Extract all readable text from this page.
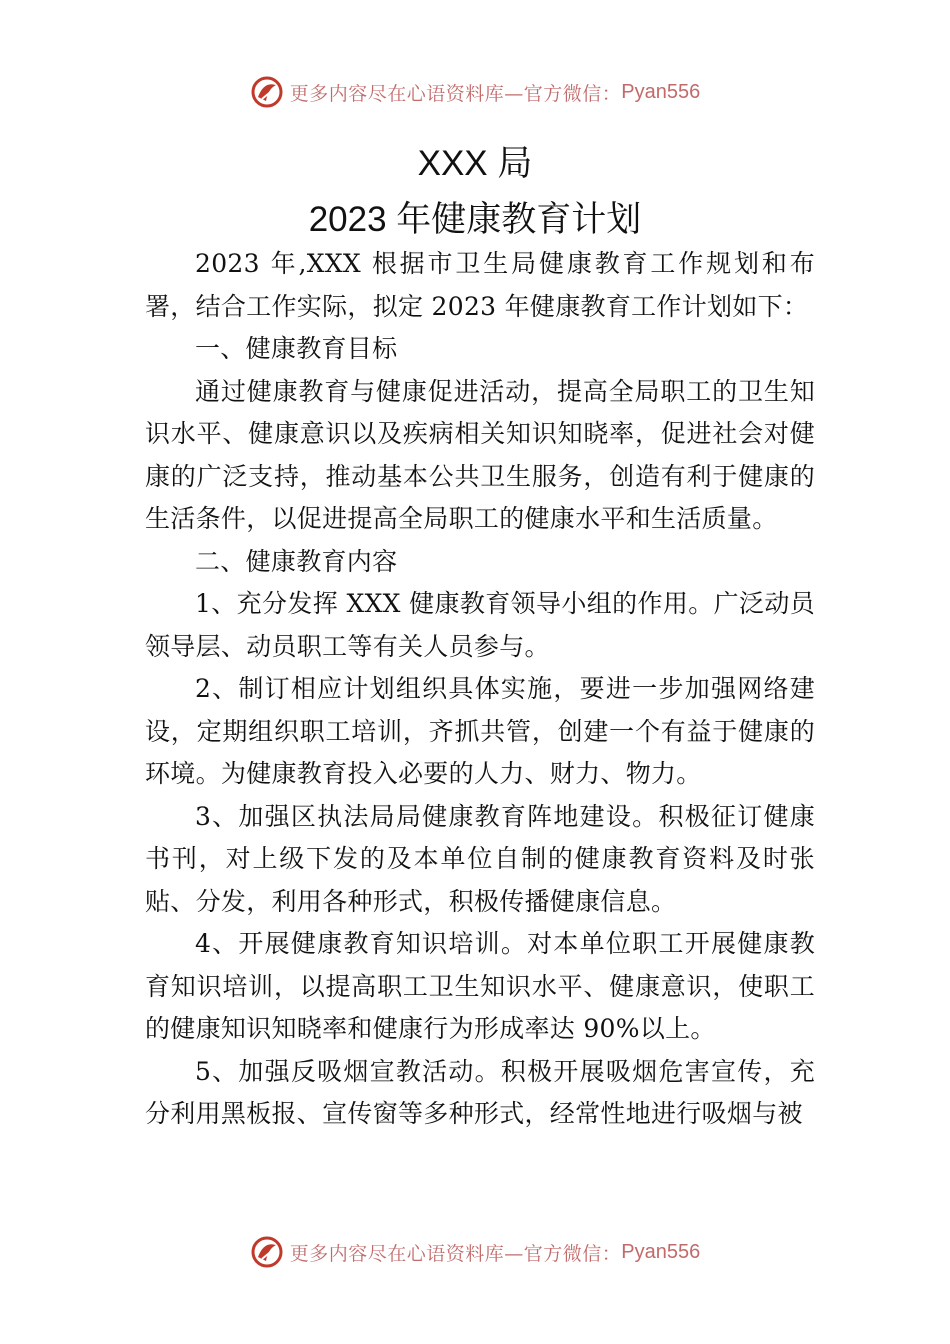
更多内容尽在心语资料库—官方微信： Pyan556
XXX 局
2023 年健康教育计划

2023 年,XXX 根据市卫生局健康教育工作规划和布署，结合工作实际，拟定 2023 年健康教育工作计划如下：

一、健康教育目标

通过健康教育与健康促进活动，提高全局职工的卫生知识水平、健康意识以及疾病相关知识知晓率，促进社会对健康的广泛支持，推动基本公共卫生服务，创造有利于健康的生活条件，以促进提高全局职工的健康水平和生活质量。

二、健康教育内容

1、充分发挥 XXX 健康教育领导小组的作用。广泛动员领导层、动员职工等有关人员参与。

2、制订相应计划组织具体实施，要进一步加强网络建设，定期组织职工培训，齐抓共管，创建一个有益于健康的环境。为健康教育投入必要的人力、财力、物力。

3、加强区执法局局健康教育阵地建设。积极征订健康书刊，对上级下发的及本单位自制的健康教育资料及时张贴、分发，利用各种形式，积极传播健康信息。

4、开展健康教育知识培训。对本单位职工开展健康教育知识培训，以提高职工卫生知识水平、健康意识，使职工的健康知识知晓率和健康行为形成率达 90%以上。

5、加强反吸烟宣教活动。积极开展吸烟危害宣传，充分利用黑板报、宣传窗等多种形式，经常性地进行吸烟与被

更多内容尽在心语资料库—官方微信： Pyan556
